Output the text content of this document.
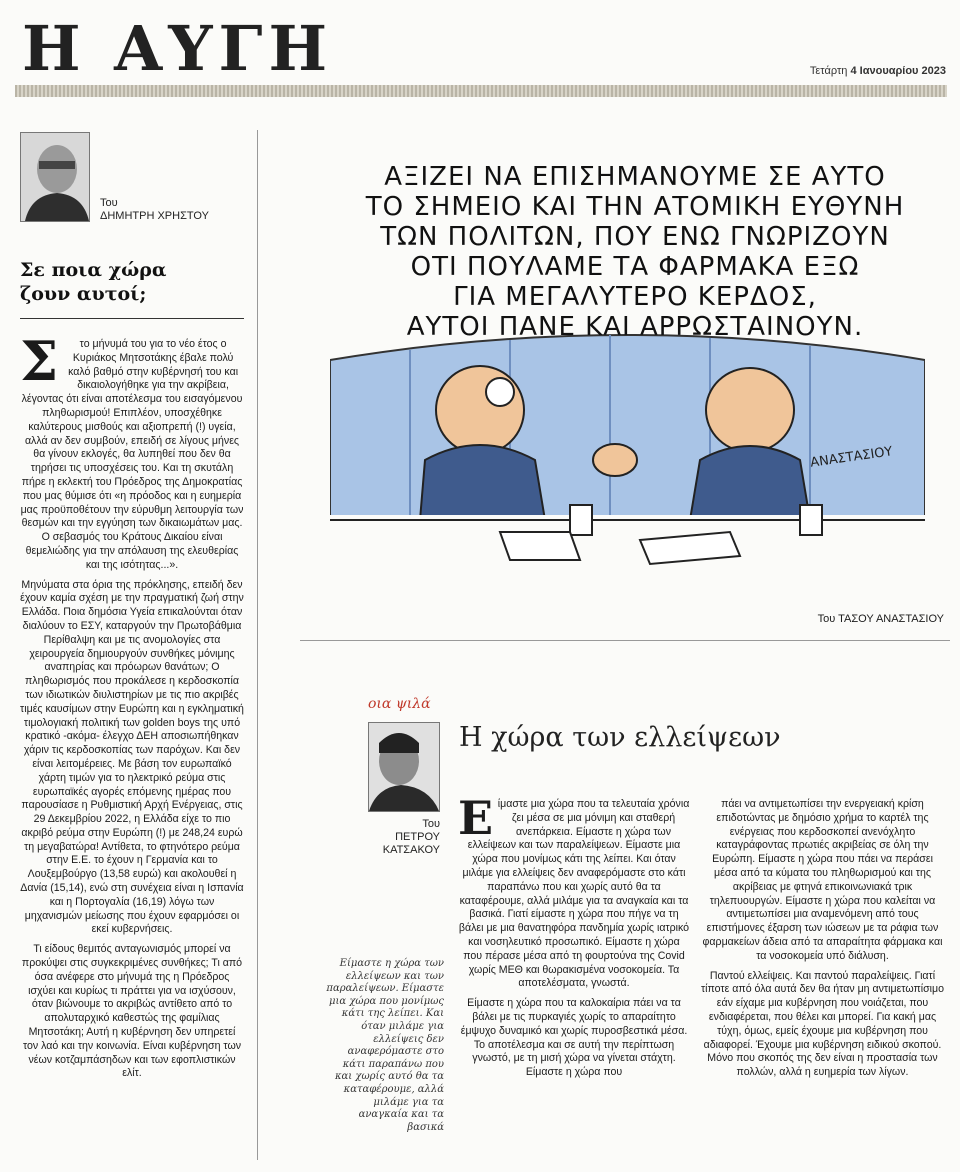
Η ΑΥΓΗ	Τετάρτη 4 Ιανουαρίου 2023
Του
ΔΗΜΗΤΡΗ ΧΡΗΣΤΟΥ
Σε ποια χώρα ζουν αυτοί;

Σ το μήνυμά του για το νέο έτος ο Κυριάκος Μητσοτάκης έβαλε πολύ καλό βαθμό στην κυβέρνησή του και δικαιολογήθηκε για την ακρίβεια, λέγοντας ότι είναι αποτέλεσμα του εισαγόμενου πληθωρισμού! Επιπλέον, υποσχέθηκε καλύτερους μισθούς και αξιοπρεπή (!) υγεία, αλλά αν δεν συμβούν, επειδή σε λίγους μήνες θα γίνουν εκλογές, θα λυπηθεί που δεν θα τηρήσει τις υποσχέσεις του. Και τη σκυτάλη πήρε η εκλεκτή του Πρόεδρος της Δημοκρατίας που μας θύμισε ότι «η πρόοδος και η ευημερία μας προϋποθέτουν την εύρυθμη λειτουργία των θεσμών και την εγγύηση των δικαιωμάτων μας. Ο σεβασμός του Κράτους Δικαίου είναι θεμελιώδης για την απόλαυση της ελευθερίας και της ισότητας...».

Μηνύματα στα όρια της πρόκλησης, επειδή δεν έχουν καμία σχέση με την πραγματική ζωή στην Ελλάδα. Ποια δημόσια Υγεία επικαλούνται όταν διαλύουν το ΕΣΥ, καταργούν την Πρωτοβάθμια Περίθαλψη και με τις ανομολογίες στα χειρουργεία δημιουργούν συνθήκες μόνιμης αναπηρίας και πρόωρων θανάτων; Ο πληθωρισμός που προκάλεσε η κερδοσκοπία των ιδιωτικών διυλιστηρίων με τις πιο ακριβές τιμές καυσίμων στην Ευρώπη και η εγκληματική τιμολογιακή πολιτική των golden boys της υπό κρατικό -ακόμα- έλεγχο ΔΕΗ αποσιωπήθηκαν χάριν τις κερδοσκοπίας των παρόχων. Και δεν είναι λειτομέρειες. Με βάση τον ευρωπαϊκό χάρτη τιμών για το ηλεκτρικό ρεύμα στις ευρωπαϊκές αγορές επόμενης ημέρας που παρουσίασε η Ρυθμιστική Αρχή Ενέργειας, στις 29 Δεκεμβρίου 2022, η Ελλάδα είχε το πιο ακριβό ρεύμα στην Ευρώπη (!) με 248,24 ευρώ τη μεγαβατώρα! Αντίθετα, το φτηνότερο ρεύμα στην Ε.Ε. το έχουν η Γερμανία και το Λουξεμβούργο (13,58 ευρώ) και ακολουθεί η Δανία (15,14), ενώ στη συνέχεια είναι η Ισπανία και η Πορτογαλία (16,19) λόγω των μηχανισμών μείωσης που έχουν εφαρμόσει οι εκεί κυβερνήσεις.

Τι είδους θεμιτός ανταγωνισμός μπορεί να προκύψει στις συγκεκριμένες συνθήκες; Τι από όσα ανέφερε στο μήνυμά της η Πρόεδρος ισχύει και κυρίως τι πράττει για να ισχύσουν, όταν βιώνουμε το ακριβώς αντίθετο από το απολυταρχικό καθεστώς της φαμίλιας Μητσοτάκη; Αυτή η κυβέρνηση δεν υπηρετεί τον λαό και την κοινωνία. Είναι κυβέρνηση των νέων κοτζαμπάσηδων και των εφοπλιστικών ελίτ.

ΑΞΙΖΕΙ ΝΑ ΕΠΙΣΗΜΑΝΟΥΜΕ ΣΕ ΑΥΤΟ
ΤΟ ΣΗΜΕΙΟ ΚΑΙ ΤΗΝ ΑΤΟΜΙΚΗ ΕΥΘΥΝΗ
ΤΩΝ ΠΟΛΙΤΩΝ, ΠΟΥ ΕΝΩ ΓΝΩΡΙΖΟΥΝ
ΟΤΙ ΠΟΥΛΑΜΕ ΤΑ ΦΑΡΜΑΚΑ ΕΞΩ
ΓΙΑ ΜΕΓΑΛΥΤΕΡΟ ΚΕΡΔΟΣ,
ΑΥΤΟΙ ΠΑΝΕ ΚΑΙ ΑΡΡΩΣΤΑΙΝΟΥΝ.
ΑΝΑΣΤΑΣΙΟΥ
Του ΤΑΣΟΥ ΑΝΑΣΤΑΣΙΟΥ
οια ψιλά
Του
ΠΕΤΡΟΥ
ΚΑΤΣΑΚΟΥ
Η χώρα των ελλείψεων
Είμαστε η χώρα των ελλείψεων και των παραλείψεων. Είμαστε μια χώρα που μονίμως κάτι της λείπει. Και όταν μιλάμε για ελλείψεις δεν αναφερόμαστε στο κάτι παραπάνω που και χωρίς αυτό θα τα καταφέρουμε, αλλά μιλάμε για τα αναγκαία και τα βασικά

Είμαστε μια χώρα που τα τελευταία χρόνια ζει μέσα σε μια μόνιμη και σταθερή ανεπάρκεια. Είμαστε η χώρα των ελλείψεων και των παραλείψεων. Είμαστε μια χώρα που μονίμως κάτι της λείπει. Και όταν μιλάμε για ελλείψεις δεν αναφερόμαστε στο κάτι παραπάνω που και χωρίς αυτό θα τα καταφέρουμε, αλλά μιλάμε για τα αναγκαία και τα βασικά. Γιατί είμαστε η χώρα που πήγε να τη βάλει με μια θανατηφόρα πανδημία χωρίς ιατρικό και νοσηλευτικό προσωπικό. Είμαστε η χώρα που πέρασε μέσα από τη φουρτούνα της Covid χωρίς ΜΕΘ και θωρακισμένα νοσοκομεία. Τα αποτελέσματα, γνωστά.

Είμαστε η χώρα που τα καλοκαίρια πάει να τα βάλει με τις πυρκαγιές χωρίς το απαραίτητο έμψυχο δυναμικό και χωρίς πυροσβεστικά μέσα. Το αποτέλεσμα και σε αυτή την περίπτωση γνωστό, με τη μισή χώρα να γίνεται στάχτη. Είμαστε η χώρα που

πάει να αντιμετωπίσει την ενεργειακή κρίση επιδοτώντας με δημόσιο χρήμα το καρτέλ της ενέργειας που κερδοσκοπεί ανενόχλητο καταγράφοντας πρωτιές ακριβείας σε όλη την Ευρώπη. Είμαστε η χώρα που πάει να περάσει μέσα από τα κύματα του πληθωρισμού και της ακρίβειας με φτηνά επικοινωνιακά τρικ τηλεπυουργών. Είμαστε η χώρα που καλείται να αντιμετωπίσει μια αναμενόμενη από τους επιστήμονες έξαρση των ιώσεων με τα ράφια των φαρμακείων άδεια από τα απαραίτητα φάρμακα και τα νοσοκομεία υπό διάλυση.

Παντού ελλείψεις. Και παντού παραλείψεις. Γιατί τίποτε από όλα αυτά δεν θα ήταν μη αντιμετωπίσιμο εάν είχαμε μια κυβέρνηση που νοιάζεται, που ενδιαφέρεται, που θέλει και μπορεί. Για κακή μας τύχη, όμως, εμείς έχουμε μια κυβέρνηση που αδιαφορεί. Έχουμε μια κυβέρνηση ειδικού σκοπού. Μόνο που σκοπός της δεν είναι η προστασία των πολλών, αλλά η ευημερία των λίγων.
